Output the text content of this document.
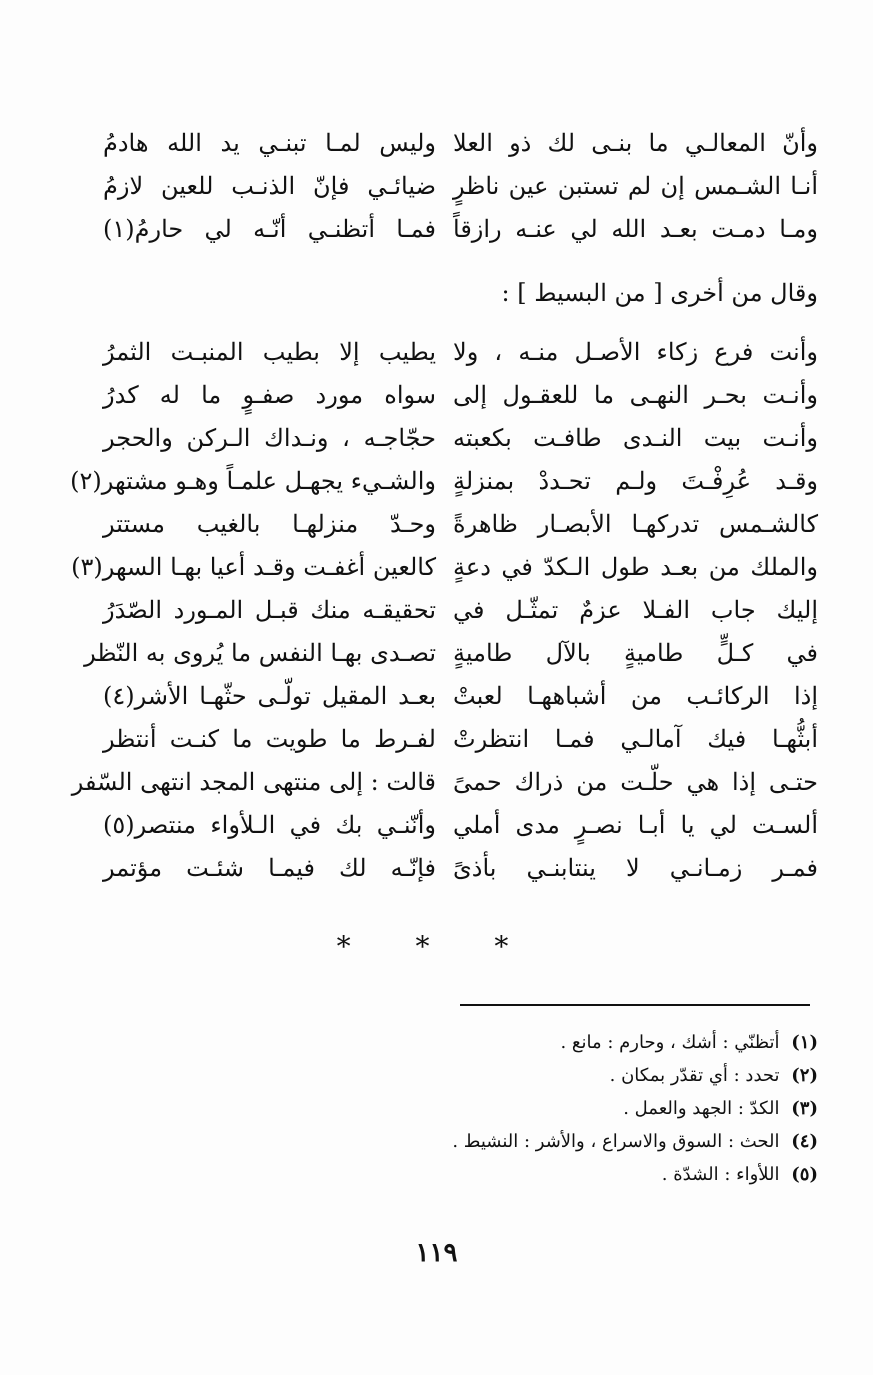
وأنّ المعالـي ما بنـى لك ذو العلا
وليس لمـا تبنـي يد الله هادمُ
أنـا الشـمس إن لم تستبن عين ناظرٍ
ضيائـي فإنّ الذنـب للعين لازمُ
ومـا دمـت بعـد الله لي عنـه رازقاً
فمـا أتظنـي أنّـه لي حارمُ(١)
وقال من أخرى [ من البسيط ] :
وأنت فرع زكاء الأصـل منـه ، ولا
يطيب إلا بطيب المنبـت الثمرُ
وأنـت بحـر النهـى ما للعقـول إلى
سواه مورد صفـوٍ ما له كدرُ
وأنـت بيت النـدى طافـت بكعبته
حجّاجـه ، ونـداك الـركن والحجر
وقـد عُرِفْـتَ ولـم تحـددْ بمنزلةٍ
والشـيء يجهـل علمـاً وهـو مشتهر(٢)
كالشـمس تدركهـا الأبصـار ظاهرةً
وحـدّ منزلهـا بالغيب مستتر
والملك من بعـد طول الـكدّ في دعةٍ
كالعين أغفـت وقـد أعيا بهـا السهر(٣)
إليك جاب الفـلا عزمٌ تمثّـل في
تحقيقـه منك قبـل المـورد الصّدَرُ
في كـلٍّ طاميةٍ بالآل طاميةٍ
تصـدى بهـا النفس ما يُروى به النّظر
إذا الركائـب من أشباههـا لعبتْ
بعـد المقيل تولّـى حثّهـا الأشر(٤)
أبثُّهـا فيك آمالـي فمـا انتظرتْ
لفـرط ما طويت ما كنـت أنتظر
حتـى إذا هي حلّـت من ذراك حمىً
قالت : إلى منتهى المجد انتهى السّفر
ألسـت لي يا أبـا نصـرٍ مدى أملي
وأنّنـي بك في الـلأواء منتصر(٥)
فمـر زمـانـي لا ينتابنـي بأذىً
فإنّـه لك فيمـا شئـت مؤتمر
* * *
(١) أتظنّي : أشك ، وحارم : مانع .
(٢) تحدد : أي تقدّر بمكان .
(٣) الكدّ : الجهد والعمل .
(٤) الحث : السوق والاسراع ، والأشر : النشيط .
(٥) اللأواء : الشدّة .
١١٩
